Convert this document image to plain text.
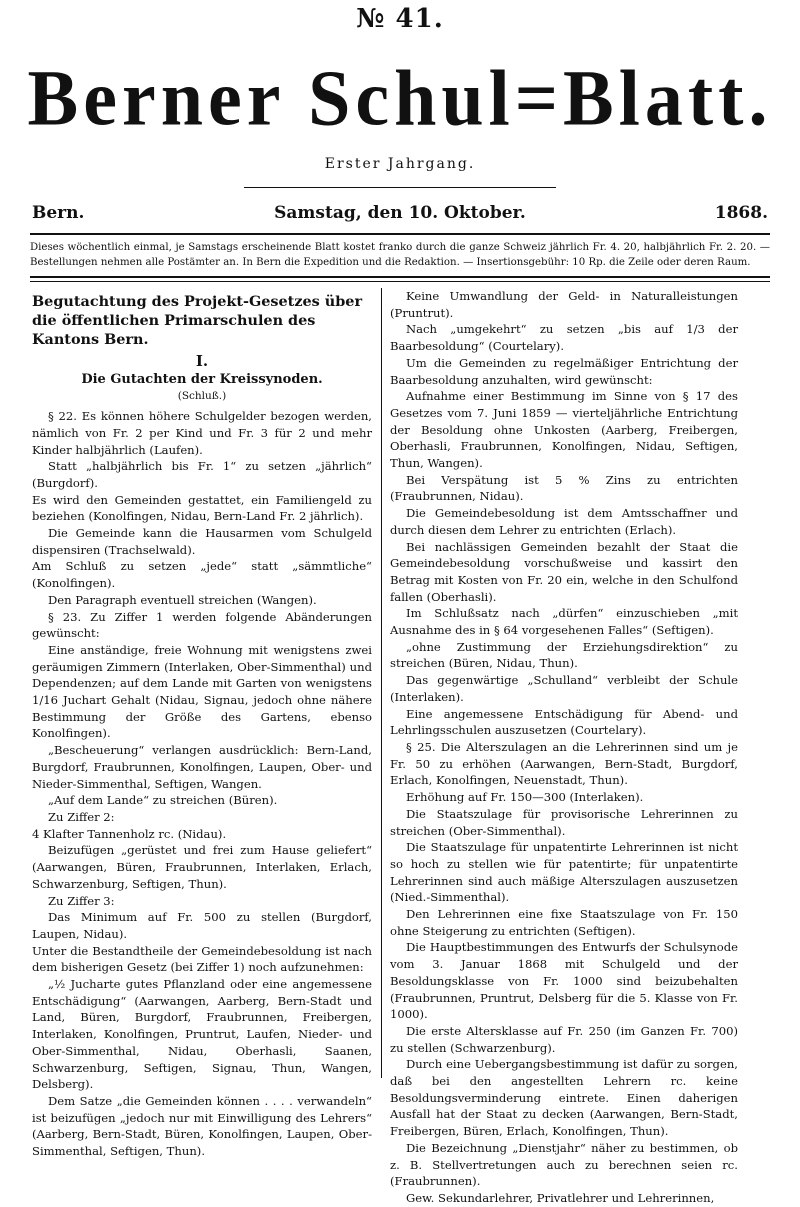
№ 41.
Berner Schul=Blatt.
Erster Jahrgang.
Bern.	Samstag, den 10. Oktober.	1868.
Dieses wöchentlich einmal, je Samstags erscheinende Blatt kostet franko durch die ganze Schweiz jährlich Fr. 4. 20, halbjährlich Fr. 2. 20. — Bestellungen nehmen alle Postämter an. In Bern die Expedition und die Redaktion. — Insertionsgebühr: 10 Rp. die Zeile oder deren Raum.
Begutachtung des Projekt-Gesetzes über die öffentlichen Primarschulen des Kantons Bern.
I.
Die Gutachten der Kreissynoden.
(Schluß.)

§ 22. Es können höhere Schulgelder bezogen werden, nämlich von Fr. 2 per Kind und Fr. 3 für 2 und mehr Kinder halbjährlich (Laufen).

Statt „halbjährlich bis Fr. 1“ zu setzen „jährlich“ (Burgdorf).

Es wird den Gemeinden gestattet, ein Familiengeld zu beziehen (Konolfingen, Nidau, Bern-Land Fr. 2 jährlich).

Die Gemeinde kann die Hausarmen vom Schulgeld dispensiren (Trachselwald).

Am Schluß zu setzen „jede“ statt „sämmtliche“ (Konolfingen).

Den Paragraph eventuell streichen (Wangen).

§ 23. Zu Ziffer 1 werden folgende Abänderungen gewünscht:

Eine anständige, freie Wohnung mit wenigstens zwei geräumigen Zimmern (Interlaken, Ober-Simmenthal) und Dependenzen; auf dem Lande mit Garten von wenigstens 1/16 Juchart Gehalt (Nidau, Signau, jedoch ohne nähere Bestimmung der Größe des Gartens, ebenso Konolfingen).

„Bescheuerung“ verlangen ausdrücklich: Bern-Land, Burgdorf, Fraubrunnen, Konolfingen, Laupen, Ober- und Nieder-Simmenthal, Seftigen, Wangen.

„Auf dem Lande“ zu streichen (Büren).

Zu Ziffer 2:

4 Klafter Tannenholz rc. (Nidau).

Beizufügen „gerüstet und frei zum Hause geliefert“ (Aarwangen, Büren, Fraubrunnen, Interlaken, Erlach, Schwarzenburg, Seftigen, Thun).

Zu Ziffer 3:

Das Minimum auf Fr. 500 zu stellen (Burgdorf, Laupen, Nidau).

Unter die Bestandtheile der Gemeindebesoldung ist nach dem bisherigen Gesetz (bei Ziffer 1) noch aufzunehmen:

„½ Jucharte gutes Pflanzland oder eine angemessene Entschädigung“ (Aarwangen, Aarberg, Bern-Stadt und Land, Büren, Burgdorf, Fraubrunnen, Freibergen, Interlaken, Konolfingen, Pruntrut, Laufen, Nieder- und Ober-Simmenthal, Nidau, Oberhasli, Saanen, Schwarzenburg, Seftigen, Signau, Thun, Wangen, Delsberg).

Dem Satze „die Gemeinden können . . . . verwandeln“ ist beizufügen „jedoch nur mit Einwilligung des Lehrers“ (Aarberg, Bern-Stadt, Büren, Konolfingen, Laupen, Ober-Simmenthal, Seftigen, Thun).

Keine Umwandlung der Geld- in Naturalleistungen (Pruntrut).

Nach „umgekehrt“ zu setzen „bis auf 1/3 der Baarbesoldung“ (Courtelary).

Um die Gemeinden zu regelmäßiger Entrichtung der Baarbesoldung anzuhalten, wird gewünscht:

Aufnahme einer Bestimmung im Sinne von § 17 des Gesetzes vom 7. Juni 1859 — vierteljährliche Entrichtung der Besoldung ohne Unkosten (Aarberg, Freibergen, Oberhasli, Fraubrunnen, Konolfingen, Nidau, Seftigen, Thun, Wangen).

Bei Verspätung ist 5 % Zins zu entrichten (Fraubrunnen, Nidau).

Die Gemeindebesoldung ist dem Amtsschaffner und durch diesen dem Lehrer zu entrichten (Erlach).

Bei nachlässigen Gemeinden bezahlt der Staat die Gemeindebesoldung vorschußweise und kassirt den Betrag mit Kosten von Fr. 20 ein, welche in den Schulfond fallen (Oberhasli).

Im Schlußsatz nach „dürfen“ einzuschieben „mit Ausnahme des in § 64 vorgesehenen Falles“ (Seftigen).

„ohne Zustimmung der Erziehungsdirektion“ zu streichen (Büren, Nidau, Thun).

Das gegenwärtige „Schulland“ verbleibt der Schule (Interlaken).

Eine angemessene Entschädigung für Abend- und Lehrlingsschulen auszusetzen (Courtelary).

§ 25. Die Alterszulagen an die Lehrerinnen sind um je Fr. 50 zu erhöhen (Aarwangen, Bern-Stadt, Burgdorf, Erlach, Konolfingen, Neuenstadt, Thun).

Erhöhung auf Fr. 150—300 (Interlaken).

Die Staatszulage für provisorische Lehrerinnen zu streichen (Ober-Simmenthal).

Die Staatszulage für unpatentirte Lehrerinnen ist nicht so hoch zu stellen wie für patentirte; für unpatentirte Lehrerinnen sind auch mäßige Alterszulagen auszusetzen (Nied.-Simmenthal).

Den Lehrerinnen eine fixe Staatszulage von Fr. 150 ohne Steigerung zu entrichten (Seftigen).

Die Hauptbestimmungen des Entwurfs der Schulsynode vom 3. Januar 1868 mit Schulgeld und der Besoldungsklasse von Fr. 1000 sind beizubehalten (Fraubrunnen, Pruntrut, Delsberg für die 5. Klasse von Fr. 1000).

Die erste Altersklasse auf Fr. 250 (im Ganzen Fr. 700) zu stellen (Schwarzenburg).

Durch eine Uebergangsbestimmung ist dafür zu sorgen, daß bei den angestellten Lehrern rc. keine Besoldungsverminderung eintrete. Einen daherigen Ausfall hat der Staat zu decken (Aarwangen, Bern-Stadt, Freibergen, Büren, Erlach, Konolfingen, Thun).

Die Bezeichnung „Dienstjahr“ näher zu bestimmen, ob z. B. Stellvertretungen auch zu berechnen seien rc. (Fraubrunnen).

Gew. Sekundarlehrer, Privatlehrer und Lehrerinnen,
